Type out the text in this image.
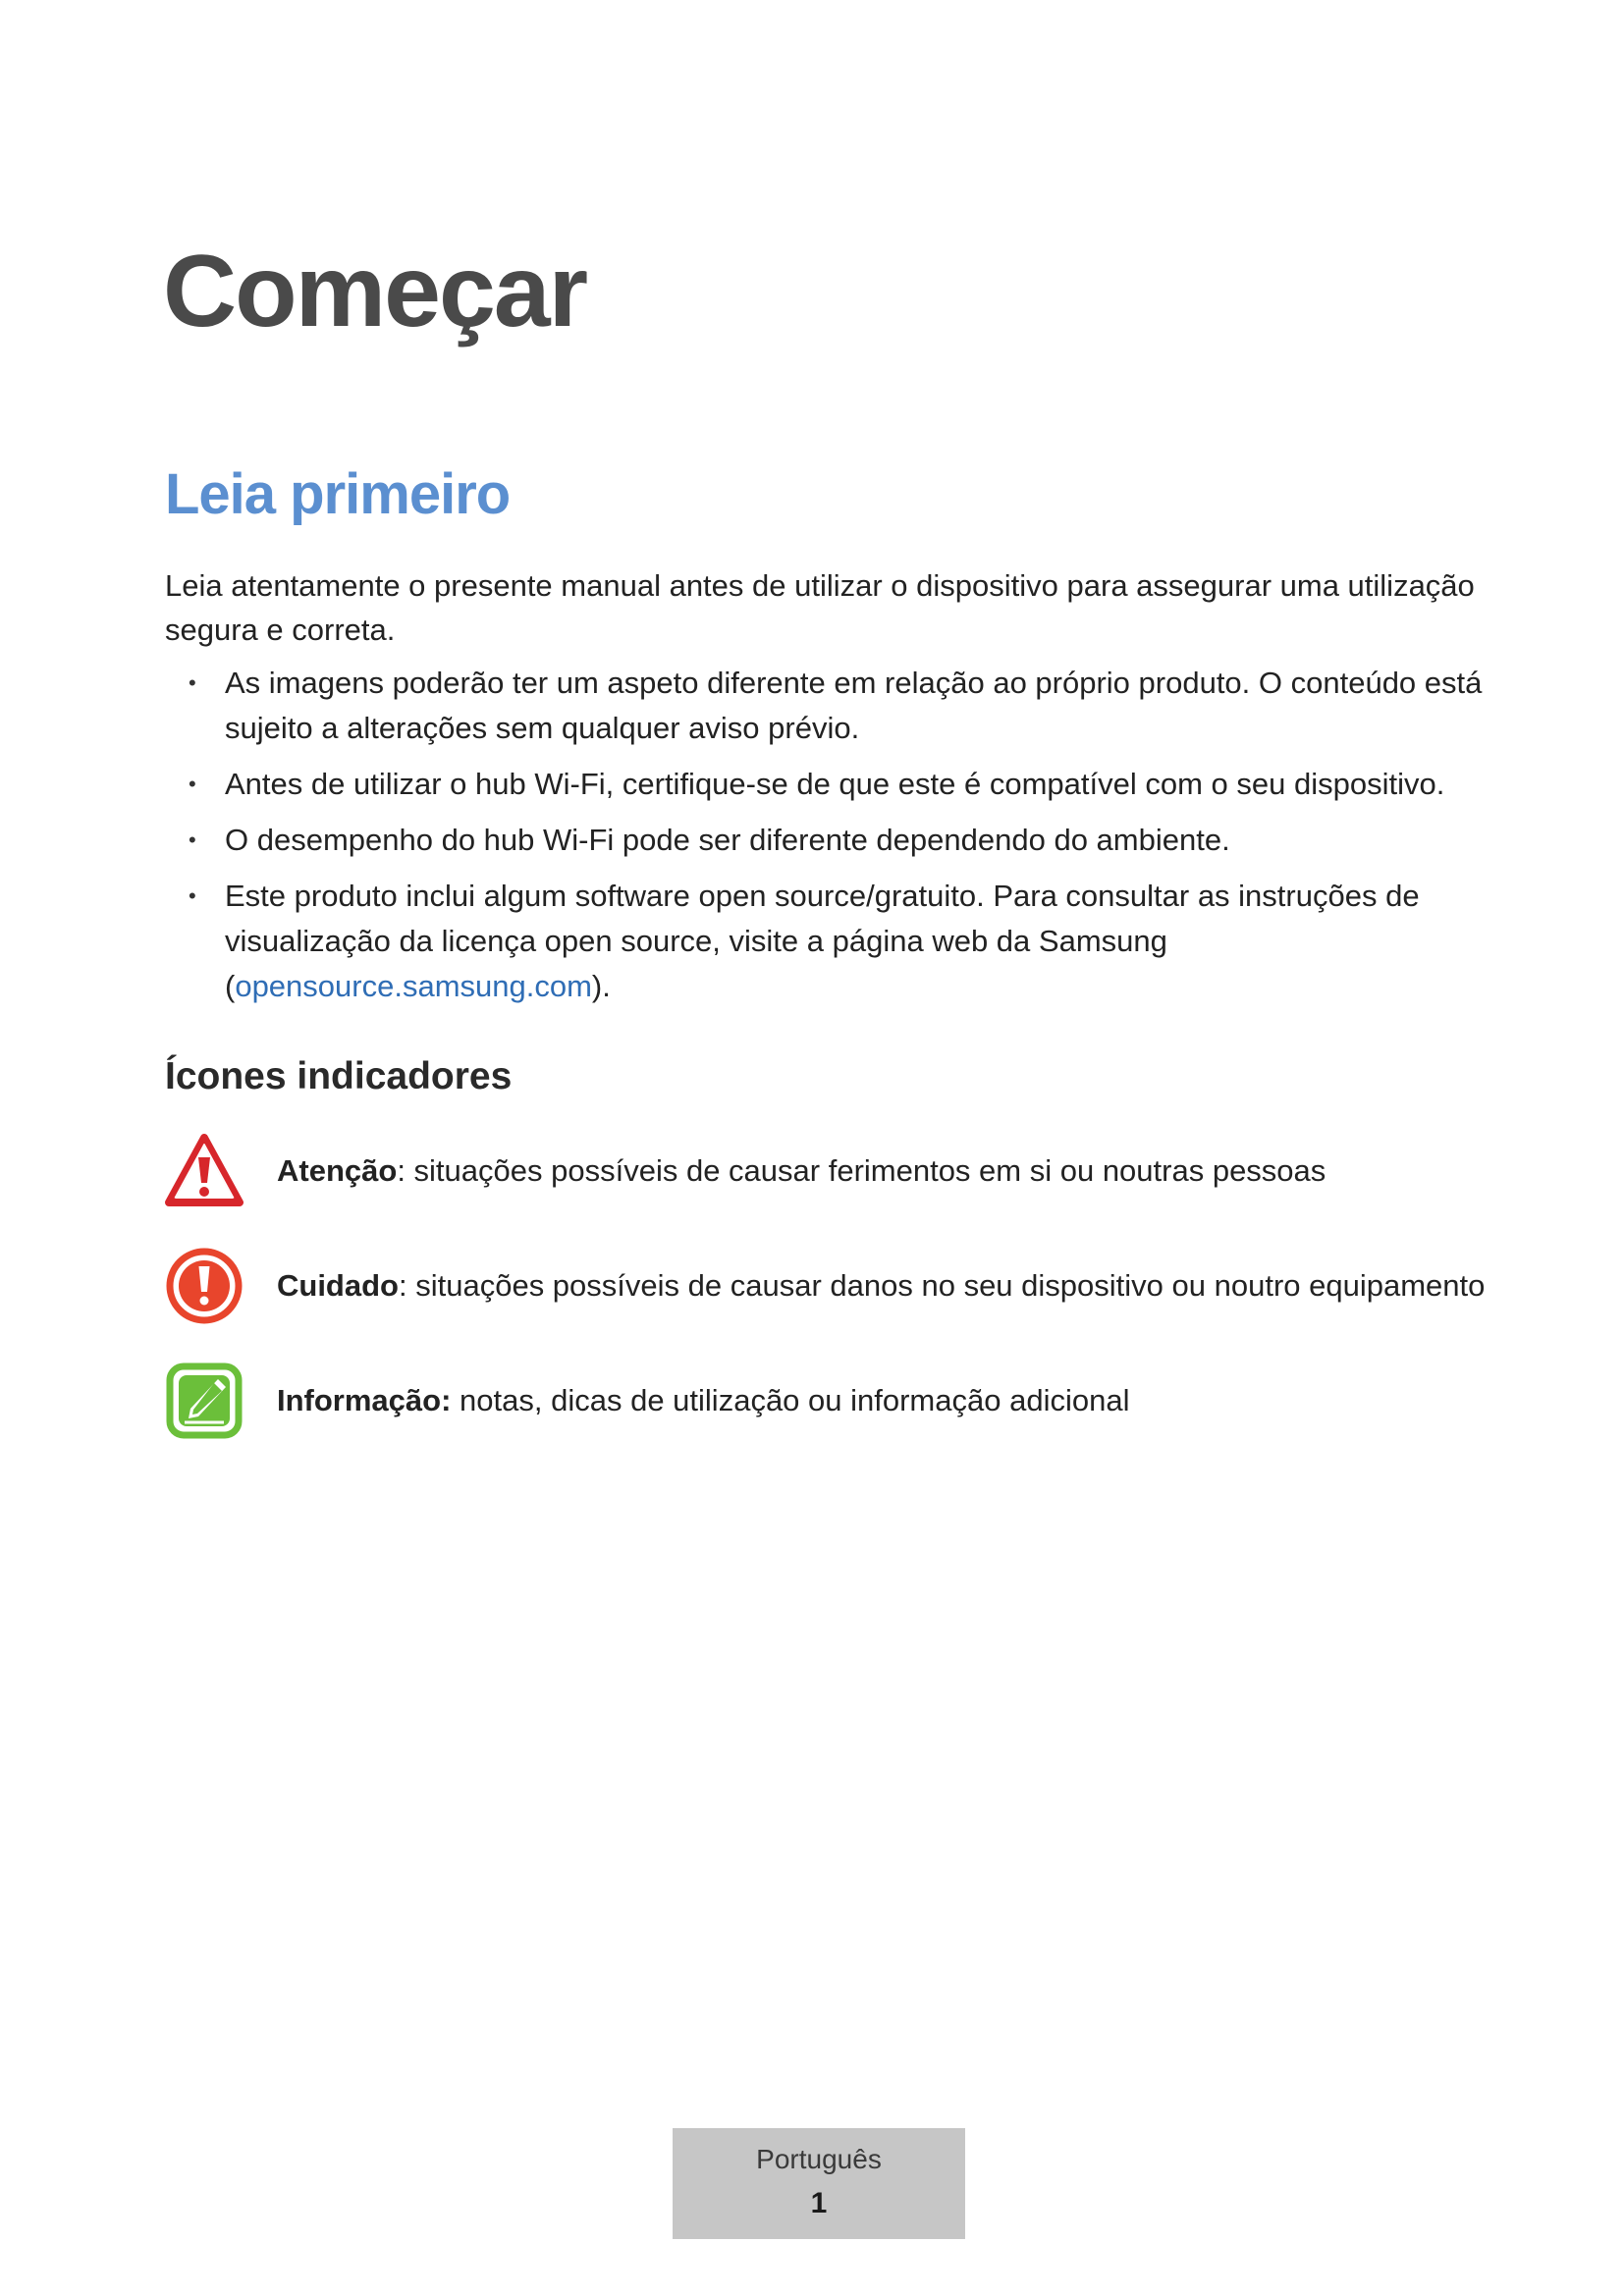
Começar
Leia primeiro

Leia atentamente o presente manual antes de utilizar o dispositivo para assegurar uma utilização segura e correta.

• As imagens poderão ter um aspeto diferente em relação ao próprio produto. O conteúdo está sujeito a alterações sem qualquer aviso prévio.
• Antes de utilizar o hub Wi-Fi, certifique-se de que este é compatível com o seu dispositivo.
• O desempenho do hub Wi-Fi pode ser diferente dependendo do ambiente.
• Este produto inclui algum software open source/gratuito. Para consultar as instruções de visualização da licença open source, visite a página web da Samsung (opensource.samsung.com).
Ícones indicadores
Atenção: situações possíveis de causar ferimentos em si ou noutras pessoas
Cuidado: situações possíveis de causar danos no seu dispositivo ou noutro equipamento
Informação: notas, dicas de utilização ou informação adicional
Português
1
